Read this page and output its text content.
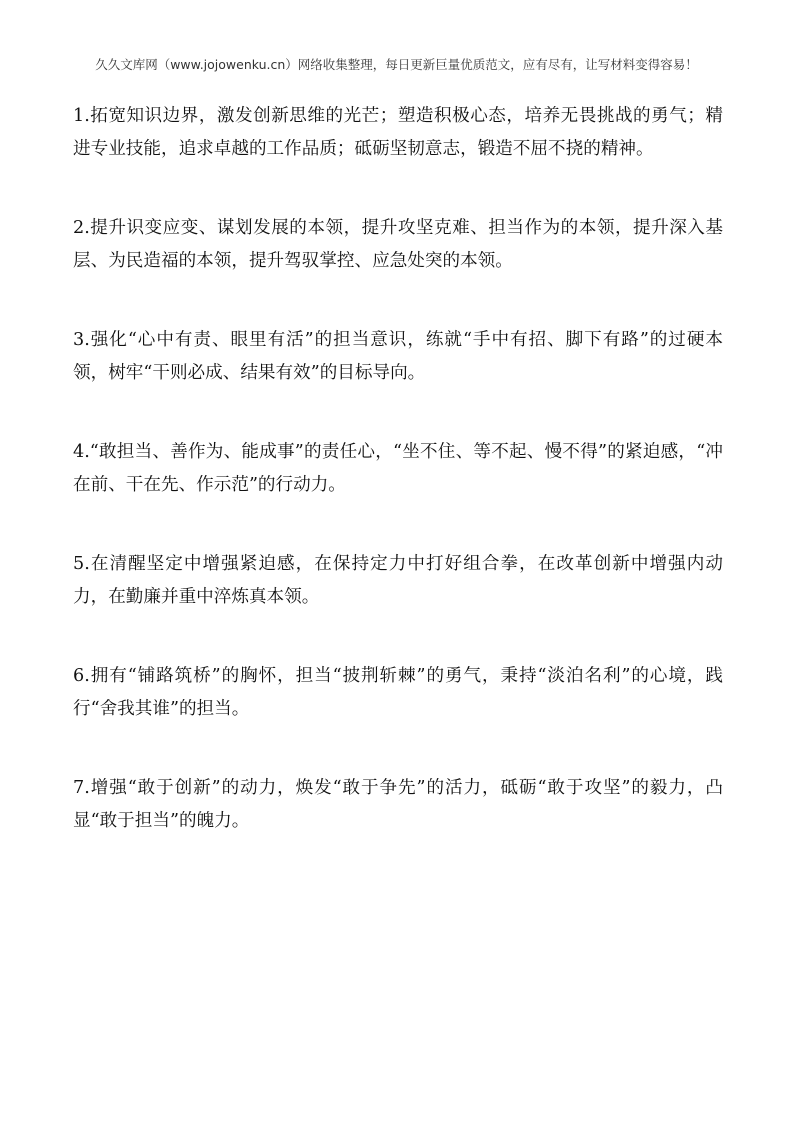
久久文库网（www.jojowenku.cn）网络收集整理，每日更新巨量优质范文，应有尽有，让写材料变得容易！

1.拓宽知识边界，激发创新思维的光芒；塑造积极心态，培养无畏挑战的勇气；精进专业技能，追求卓越的工作品质；砥砺坚韧意志，锻造不屈不挠的精神。

2.提升识变应变、谋划发展的本领，提升攻坚克难、担当作为的本领，提升深入基层、为民造福的本领，提升驾驭掌控、应急处突的本领。

3.强化“心中有责、眼里有活”的担当意识，练就“手中有招、脚下有路”的过硬本领，树牢“干则必成、结果有效”的目标导向。

4.“敢担当、善作为、能成事”的责任心，“坐不住、等不起、慢不得”的紧迫感，“冲在前、干在先、作示范”的行动力。

5.在清醒坚定中增强紧迫感，在保持定力中打好组合拳，在改革创新中增强内动力，在勤廉并重中淬炼真本领。

6.拥有“铺路筑桥”的胸怀，担当“披荆斩棘”的勇气，秉持“淡泊名利”的心境，践行“舍我其谁”的担当。

7.增强“敢于创新”的动力，焕发“敢于争先”的活力，砥砺“敢于攻坚”的毅力，凸显“敢于担当”的魄力。
